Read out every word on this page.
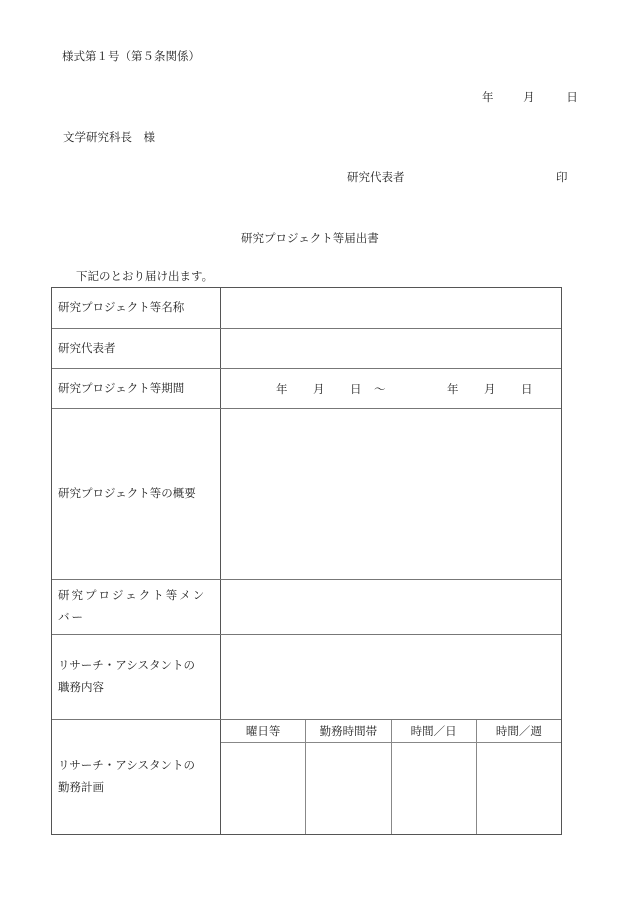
様式第１号（第５条関係）
年	月	日
文学研究科長　様
研究代表者	印
研究プロジェクト等届出書
下記のとおり届け出ます。
研究プロジェクト等名称
研究代表者
研究プロジェクト等期間	年 月 日 ～	年 月 日
研究プロジェクト等の概要
研究プロジェクト等メンバー
リサーチ・アシスタントの職務内容
リサーチ・アシスタントの勤務計画
曜日等	勤務時間帯	時間／日	時間／週
